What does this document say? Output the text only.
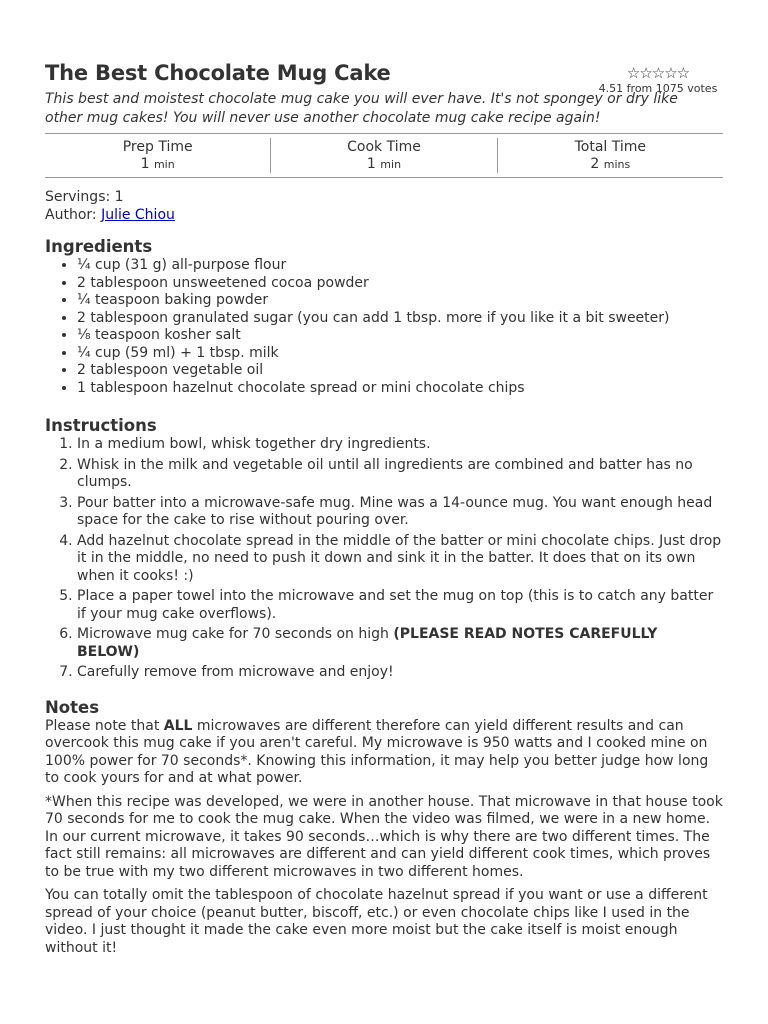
The Best Chocolate Mug Cake	☆☆☆☆☆
4.51 from 1075 votes

This best and moistest chocolate mug cake you will ever have. It's not spongey or dry like other mug cakes! You will never use another chocolate mug cake recipe again!

Prep Time
1 min
Cook Time
1 min
Total Time
2 mins
Servings: 1
Author: Julie Chiou
Ingredients
• ¼ cup (31 g) all-purpose flour
• 2 tablespoon unsweetened cocoa powder
• ¼ teaspoon baking powder
• 2 tablespoon granulated sugar (you can add 1 tbsp. more if you like it a bit sweeter)
• ⅛ teaspoon kosher salt
• ¼ cup (59 ml) + 1 tbsp. milk
• 2 tablespoon vegetable oil
• 1 tablespoon hazelnut chocolate spread or mini chocolate chips
Instructions
1. In a medium bowl, whisk together dry ingredients.
2. Whisk in the milk and vegetable oil until all ingredients are combined and batter has no clumps.
3. Pour batter into a microwave-safe mug. Mine was a 14-ounce mug. You want enough head space for the cake to rise without pouring over.
4. Add hazelnut chocolate spread in the middle of the batter or mini chocolate chips. Just drop it in the middle, no need to push it down and sink it in the batter. It does that on its own when it cooks! :)
5. Place a paper towel into the microwave and set the mug on top (this is to catch any batter if your mug cake overflows).
6. Microwave mug cake for 70 seconds on high (PLEASE READ NOTES CAREFULLY BELOW)
7. Carefully remove from microwave and enjoy!
Notes

Please note that ALL microwaves are different therefore can yield different results and can overcook this mug cake if you aren't careful. My microwave is 950 watts and I cooked mine on 100% power for 70 seconds*. Knowing this information, it may help you better judge how long to cook yours for and at what power.

*When this recipe was developed, we were in another house. That microwave in that house took 70 seconds for me to cook the mug cake. When the video was filmed, we were in a new home. In our current microwave, it takes 90 seconds…which is why there are two different times. The fact still remains: all microwaves are different and can yield different cook times, which proves to be true with my two different microwaves in two different homes.

You can totally omit the tablespoon of chocolate hazelnut spread if you want or use a different spread of your choice (peanut butter, biscoff, etc.) or even chocolate chips like I used in the video. I just thought it made the cake even more moist but the cake itself is moist enough without it!
